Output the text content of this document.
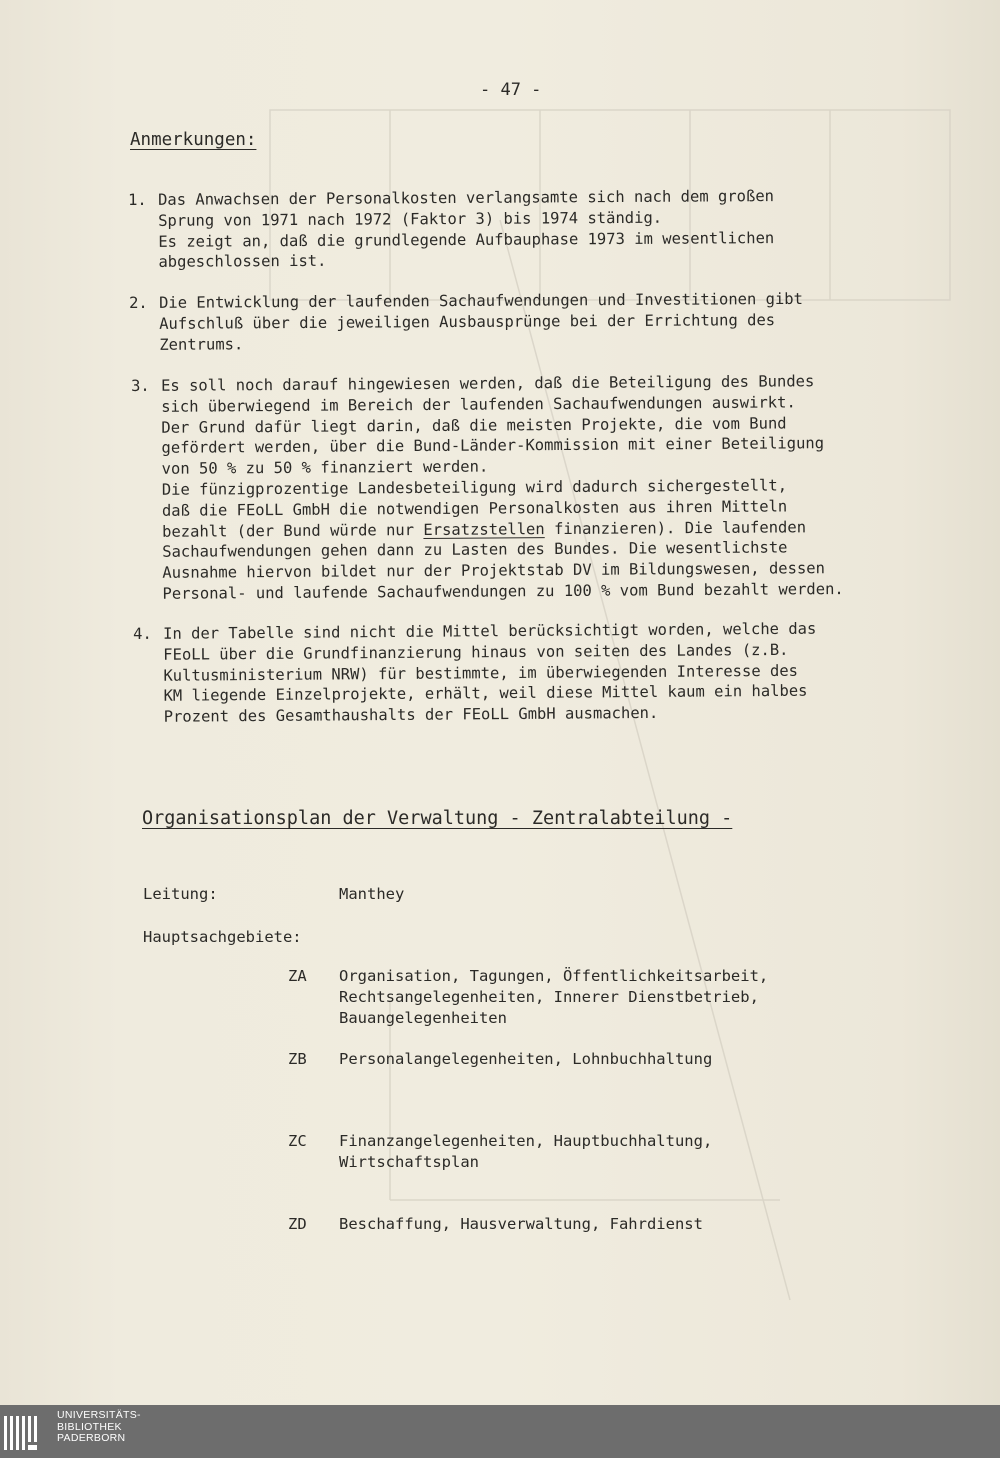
- 47 -
Anmerkungen:
1. Das Anwachsen der Personalkosten verlangsamte sich nach dem großen
Sprung von 1971 nach 1972 (Faktor 3) bis 1974 ständig.
Es zeigt an, daß die grundlegende Aufbauphase 1973 im wesentlichen
abgeschlossen ist.
2. Die Entwicklung der laufenden Sachaufwendungen und Investitionen gibt
Aufschluß über die jeweiligen Ausbausprünge bei der Errichtung des
Zentrums.
3. Es soll noch darauf hingewiesen werden, daß die Beteiligung des Bundes
sich überwiegend im Bereich der laufenden Sachaufwendungen auswirkt.
Der Grund dafür liegt darin, daß die meisten Projekte, die vom Bund
gefördert werden, über die Bund-Länder-Kommission mit einer Beteiligung
von 50 % zu 50 % finanziert werden.
Die fünzigprozentige Landesbeteiligung wird dadurch sichergestellt,
daß die FEoLL GmbH die notwendigen Personalkosten aus ihren Mitteln
bezahlt (der Bund würde nur Ersatzstellen finanzieren). Die laufenden
Sachaufwendungen gehen dann zu Lasten des Bundes. Die wesentlichste
Ausnahme hiervon bildet nur der Projektstab DV im Bildungswesen, dessen
Personal- und laufende Sachaufwendungen zu 100 % vom Bund bezahlt werden.
4. In der Tabelle sind nicht die Mittel berücksichtigt worden, welche das
FEoLL über die Grundfinanzierung hinaus von seiten des Landes (z.B.
Kultusministerium NRW) für bestimmte, im überwiegenden Interesse des
KM liegende Einzelprojekte, erhält, weil diese Mittel kaum ein halbes
Prozent des Gesamthaushalts der FEoLL GmbH ausmachen.
Organisationsplan der Verwaltung - Zentralabteilung -
Leitung:	Manthey
Hauptsachgebiete:
ZA Organisation, Tagungen, Öffentlichkeitsarbeit,
Rechtsangelegenheiten, Innerer Dienstbetrieb,
Bauangelegenheiten
ZB Personalangelegenheiten, Lohnbuchhaltung
ZC Finanzangelegenheiten, Hauptbuchhaltung,
Wirtschaftsplan
ZD Beschaffung, Hausverwaltung, Fahrdienst
UNIVERSITÄTS-
BIBLIOTHEK
PADERBORN
